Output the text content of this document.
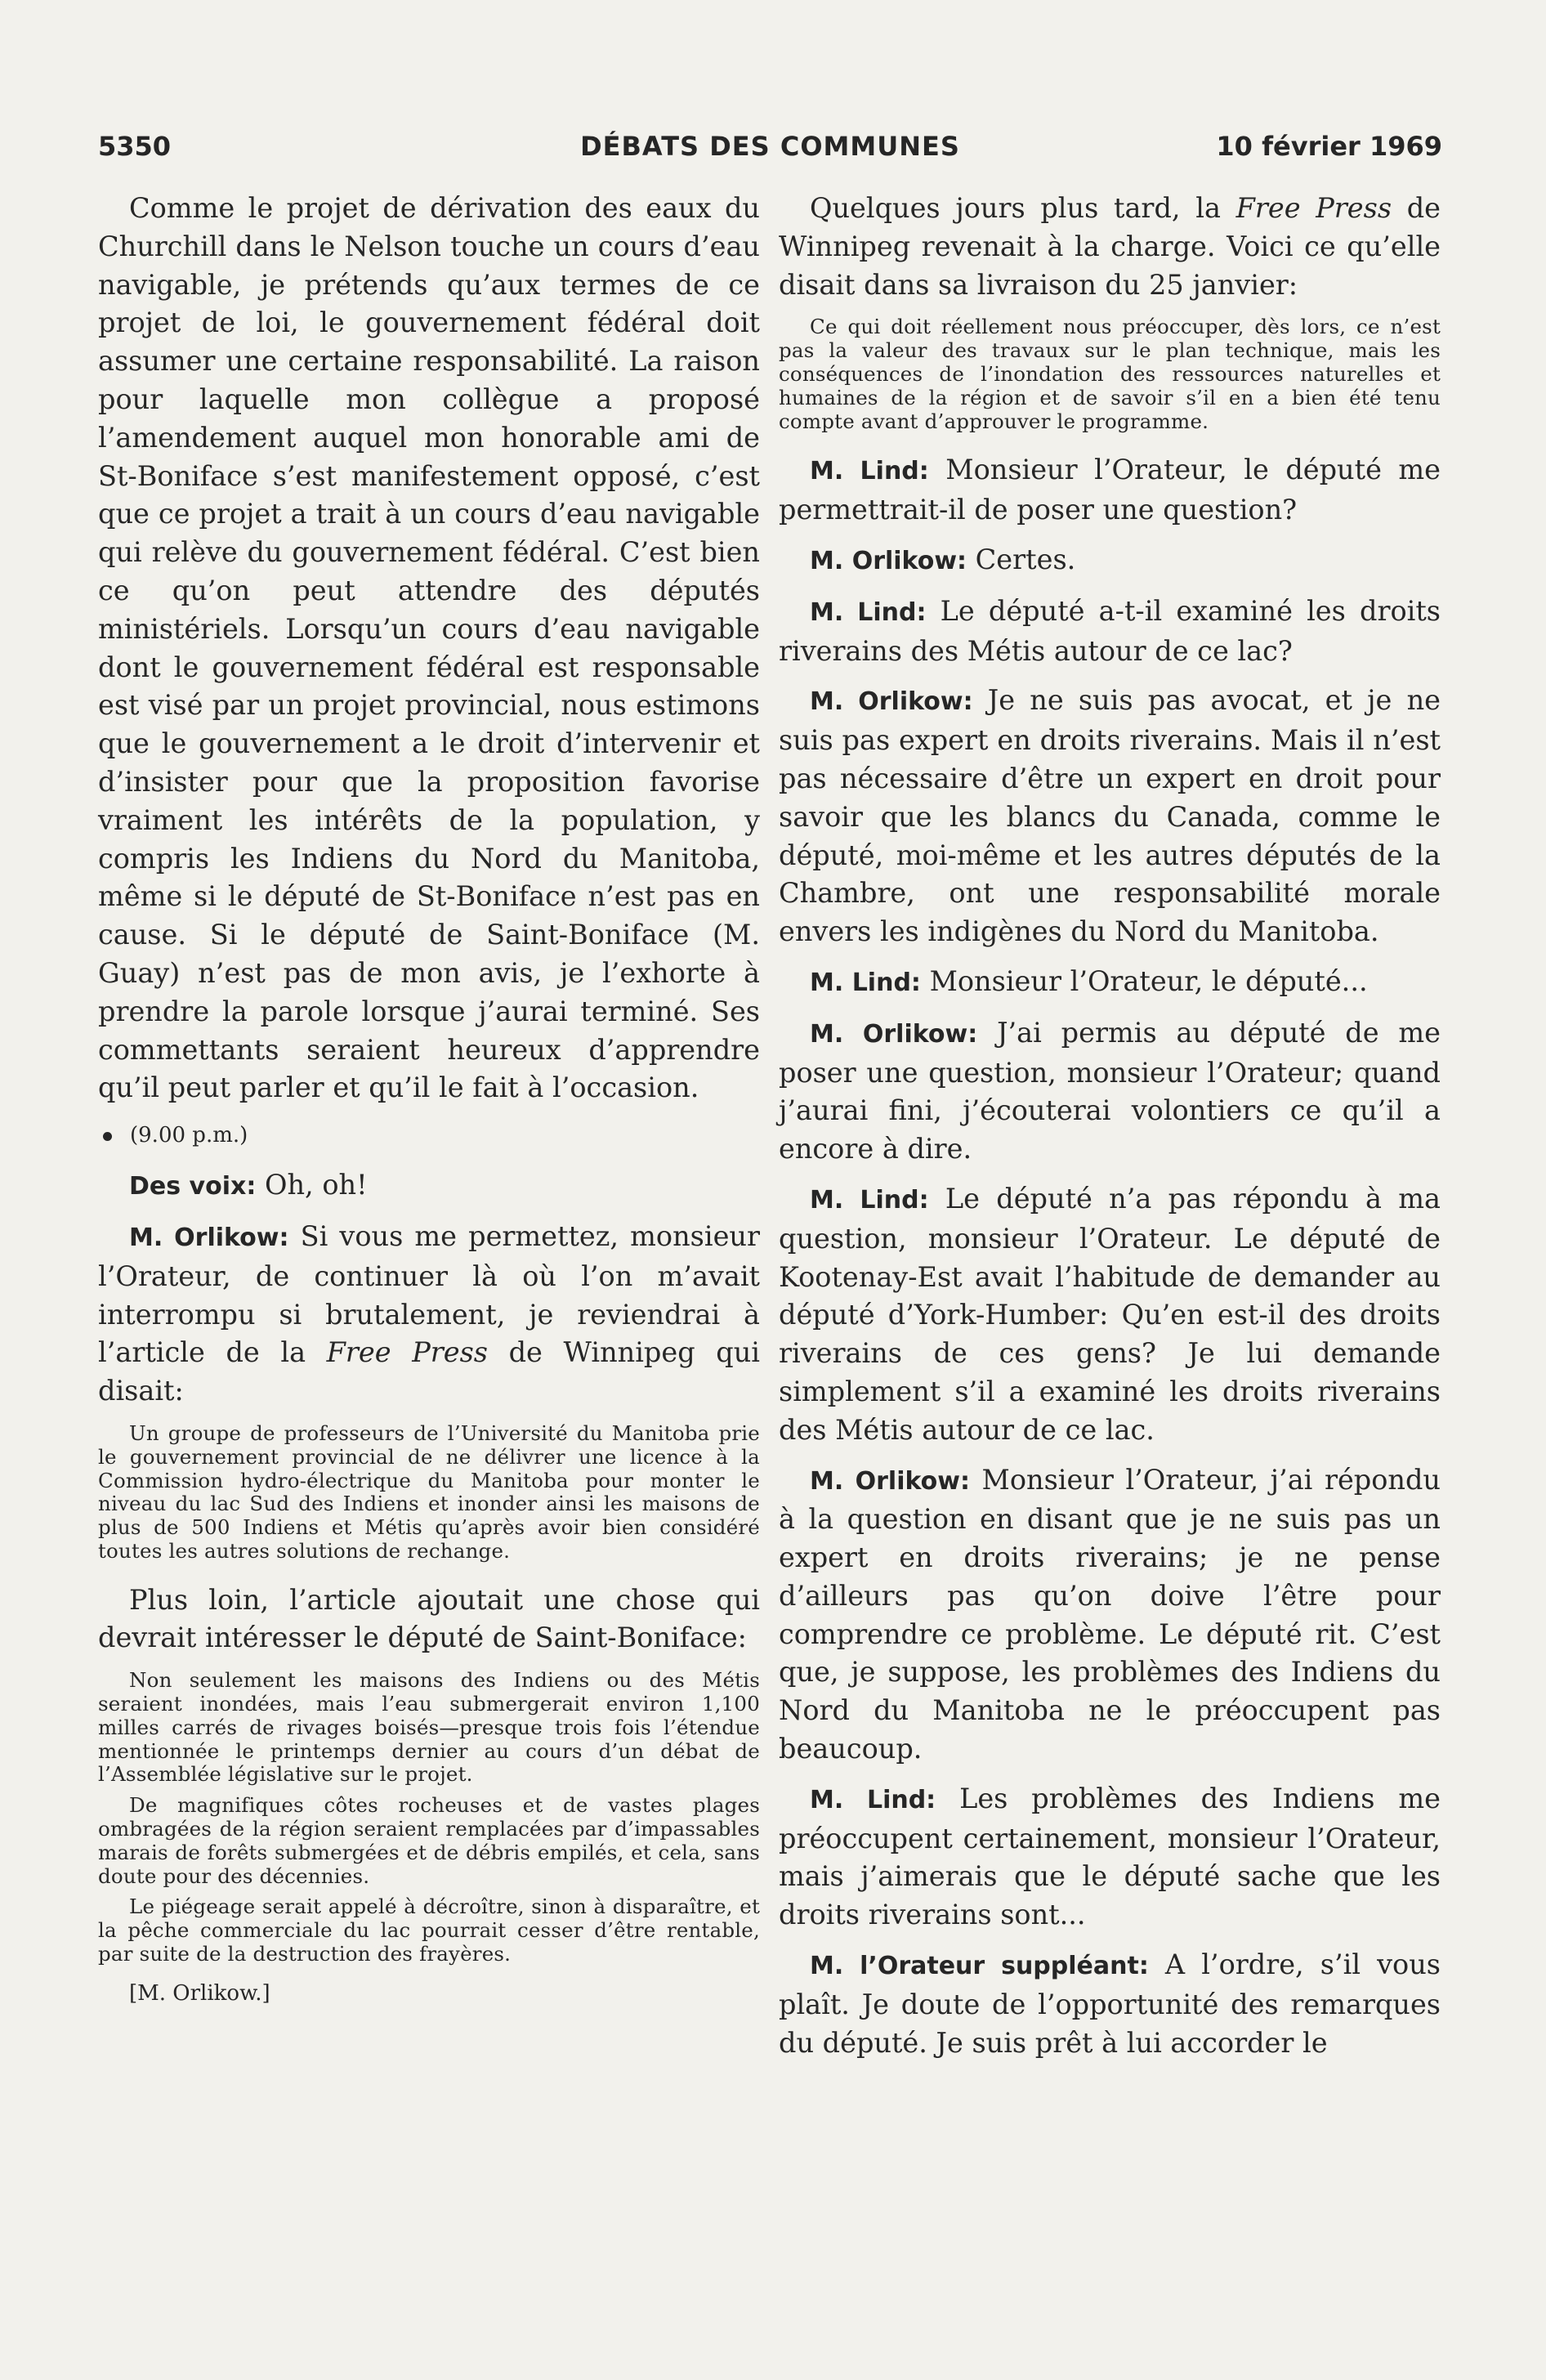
5350	DÉBATS DES COMMUNES	10 février 1969

Comme le projet de dérivation des eaux du Churchill dans le Nelson touche un cours d’eau navigable, je prétends qu’aux termes de ce projet de loi, le gouvernement fédéral doit assumer une certaine responsabilité. La raison pour laquelle mon collègue a proposé l’amendement auquel mon honorable ami de St-Boniface s’est manifestement opposé, c’est que ce projet a trait à un cours d’eau navigable qui relève du gouvernement fédéral. C’est bien ce qu’on peut attendre des députés ministériels. Lorsqu’un cours d’eau navigable dont le gouvernement fédéral est responsable est visé par un projet provincial, nous estimons que le gouvernement a le droit d’intervenir et d’insister pour que la proposition favorise vraiment les intérêts de la population, y compris les Indiens du Nord du Manitoba, même si le député de St-Boniface n’est pas en cause. Si le député de Saint-Boniface (M. Guay) n’est pas de mon avis, je l’exhorte à prendre la parole lorsque j’aurai terminé. Ses commettants seraient heureux d’apprendre qu’il peut parler et qu’il le fait à l’occasion.

(9.00 p.m.)

Des voix: Oh, oh!

M. Orlikow: Si vous me permettez, monsieur l’Orateur, de continuer là où l’on m’avait interrompu si brutalement, je reviendrai à l’article de la Free Press de Winnipeg qui disait:

Un groupe de professeurs de l’Université du Manitoba prie le gouvernement provincial de ne délivrer une licence à la Commission hydro-électrique du Manitoba pour monter le niveau du lac Sud des Indiens et inonder ainsi les maisons de plus de 500 Indiens et Métis qu’après avoir bien considéré toutes les autres solutions de rechange.

Plus loin, l’article ajoutait une chose qui devrait intéresser le député de Saint-Boniface:

Non seulement les maisons des Indiens ou des Métis seraient inondées, mais l’eau submergerait environ 1,100 milles carrés de rivages boisés—presque trois fois l’étendue mentionnée le printemps dernier au cours d’un débat de l’Assemblée législative sur le projet.

De magnifiques côtes rocheuses et de vastes plages ombragées de la région seraient remplacées par d’impassables marais de forêts submergées et de débris empilés, et cela, sans doute pour des décennies.

Le piégeage serait appelé à décroître, sinon à disparaître, et la pêche commerciale du lac pourrait cesser d’être rentable, par suite de la destruction des frayères.

[M. Orlikow.]

Quelques jours plus tard, la Free Press de Winnipeg revenait à la charge. Voici ce qu’elle disait dans sa livraison du 25 janvier:

Ce qui doit réellement nous préoccuper, dès lors, ce n’est pas la valeur des travaux sur le plan technique, mais les conséquences de l’inondation des ressources naturelles et humaines de la région et de savoir s’il en a bien été tenu compte avant d’approuver le programme.

M. Lind: Monsieur l’Orateur, le député me permettrait-il de poser une question?

M. Orlikow: Certes.

M. Lind: Le député a-t-il examiné les droits riverains des Métis autour de ce lac?

M. Orlikow: Je ne suis pas avocat, et je ne suis pas expert en droits riverains. Mais il n’est pas nécessaire d’être un expert en droit pour savoir que les blancs du Canada, comme le député, moi-même et les autres députés de la Chambre, ont une responsabilité morale envers les indigènes du Nord du Manitoba.

M. Lind: Monsieur l’Orateur, le député...

M. Orlikow: J’ai permis au député de me poser une question, monsieur l’Orateur; quand j’aurai fini, j’écouterai volontiers ce qu’il a encore à dire.

M. Lind: Le député n’a pas répondu à ma question, monsieur l’Orateur. Le député de Kootenay-Est avait l’habitude de demander au député d’York-Humber: Qu’en est-il des droits riverains de ces gens? Je lui demande simplement s’il a examiné les droits riverains des Métis autour de ce lac.

M. Orlikow: Monsieur l’Orateur, j’ai répondu à la question en disant que je ne suis pas un expert en droits riverains; je ne pense d’ailleurs pas qu’on doive l’être pour comprendre ce problème. Le député rit. C’est que, je suppose, les problèmes des Indiens du Nord du Manitoba ne le préoccupent pas beaucoup.

M. Lind: Les problèmes des Indiens me préoccupent certainement, monsieur l’Orateur, mais j’aimerais que le député sache que les droits riverains sont...

M. l’Orateur suppléant: A l’ordre, s’il vous plaît. Je doute de l’opportunité des remarques du député. Je suis prêt à lui accorder le
